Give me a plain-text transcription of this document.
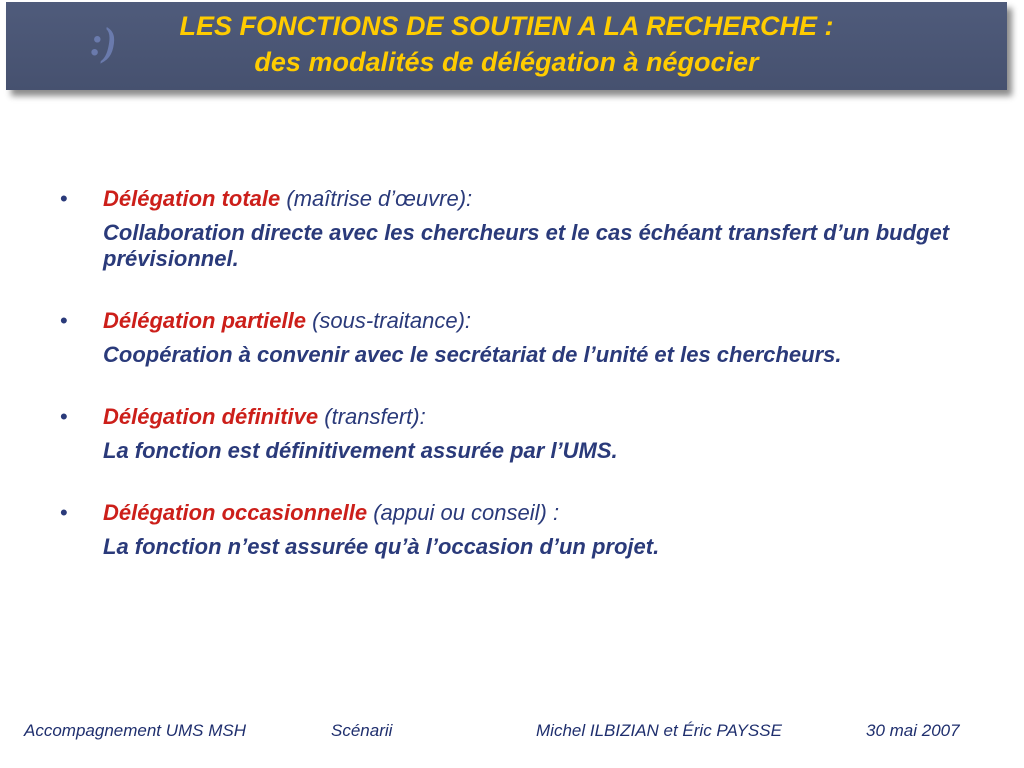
:)	LES FONCTIONS DE SOUTIEN A LA RECHERCHE :
des modalités de délégation à négocier
• Délégation totale (maîtrise d’œuvre):
Collaboration directe avec les chercheurs et le cas échéant transfert d’un budget prévisionnel.
• Délégation partielle (sous-traitance):
Coopération à convenir avec le secrétariat de l’unité et les chercheurs.
• Délégation définitive (transfert):
La fonction est définitivement assurée par l’UMS.
• Délégation occasionnelle (appui ou conseil) :
La fonction n’est assurée qu’à l’occasion d’un projet.
Accompagnement UMS MSH	Scénarii	Michel ILBIZIAN et Éric PAYSSE	30 mai 2007
